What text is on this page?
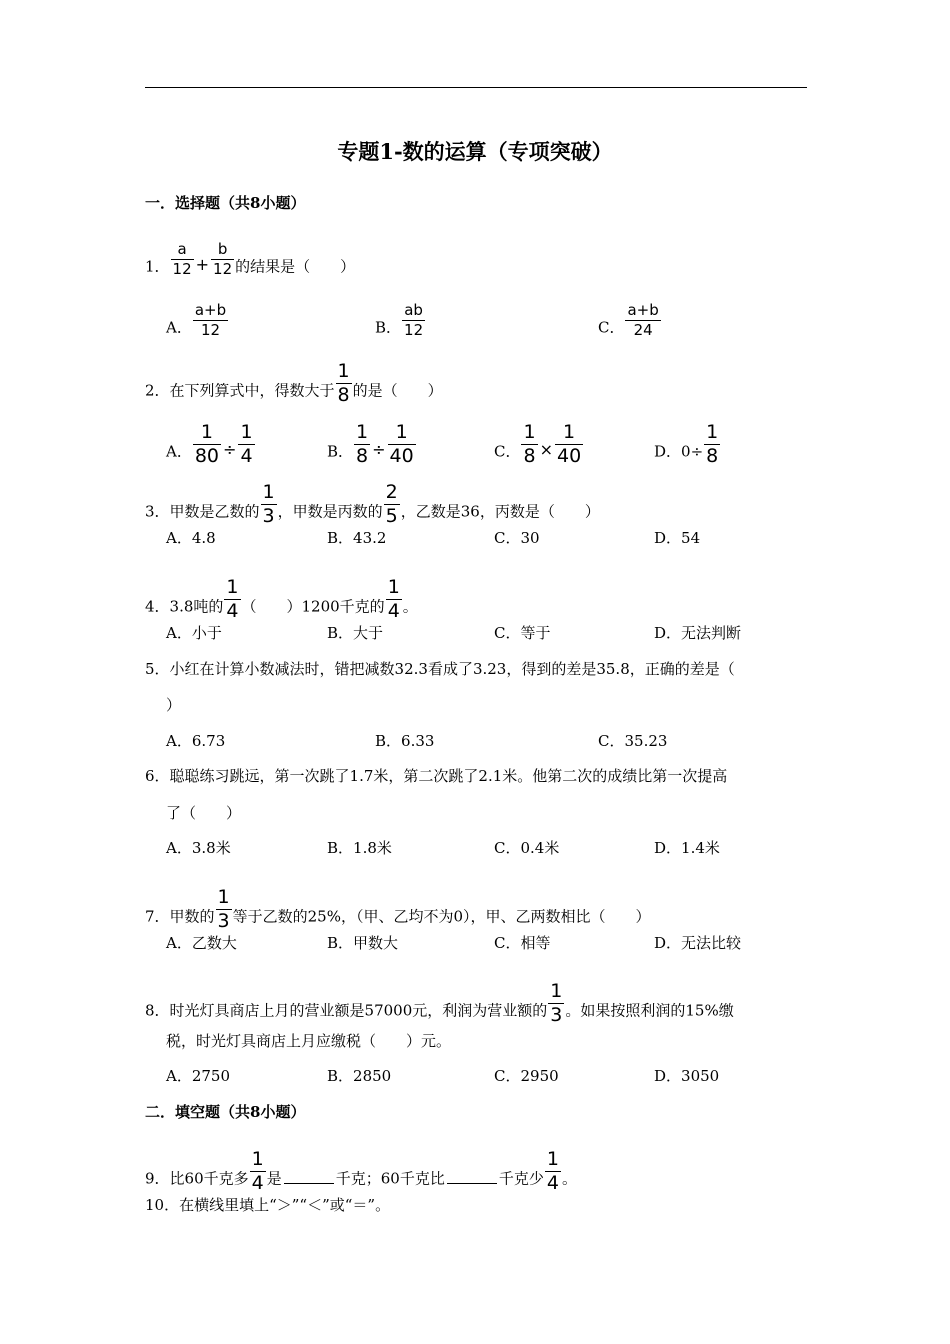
专题1-数的运算（专项突破）
一．选择题（共8小题）
1． $\frac{a}{12} + \frac{b}{12}$ 的结果是（　　）
A． $\frac{a+b}{12}$	B． $\frac{ab}{12}$	C． $\frac{a+b}{24}$
2．在下列算式中，得数大于 $\frac{1}{8}$ 的是（　　）
A． $\frac{1}{80} \div \frac{1}{4}$	B． $\frac{1}{8} \div \frac{1}{40}$	C． $\frac{1}{8} \times \frac{1}{40}$	D．$0\div \frac{1}{8}$
3．甲数是乙数的 $\frac{1}{3}$ ，甲数是丙数的 $\frac{2}{5}$ ，乙数是36，丙数是（　　）
A．4.8	B．43.2	C．30	D．54
4．3.8吨的 $\frac{1}{4}$ （　　）1200千克的 $\frac{1}{4}$ 。
A．小于	B．大于	C．等于	D．无法判断
5．小红在计算小数减法时，错把减数32.3看成了3.23，得到的差是35.8，正确的差是（
）
A．6.73	B．6.33	C．35.23
6．聪聪练习跳远，第一次跳了1.7米，第二次跳了2.1米。他第二次的成绩比第一次提高
了（　　）
A．3.8米	B．1.8米	C．0.4米	D．1.4米
7．甲数的 $\frac{1}{3}$ 等于乙数的25%，（甲、乙均不为0），甲、乙两数相比（　　）
A．乙数大	B．甲数大	C．相等	D．无法比较
8．时光灯具商店上月的营业额是57000元，利润为营业额的 $\frac{1}{3}$ 。如果按照利润的15%缴
税，时光灯具商店上月应缴税（　　）元。
A．2750	B．2850	C．2950	D．3050
二．填空题（共8小题）
9．比60千克多 $\frac{1}{4}$ 是	千克；60千克比	千克少 $\frac{1}{4}$ 。
10．在横线里填上“＞”“＜”或“＝”。
